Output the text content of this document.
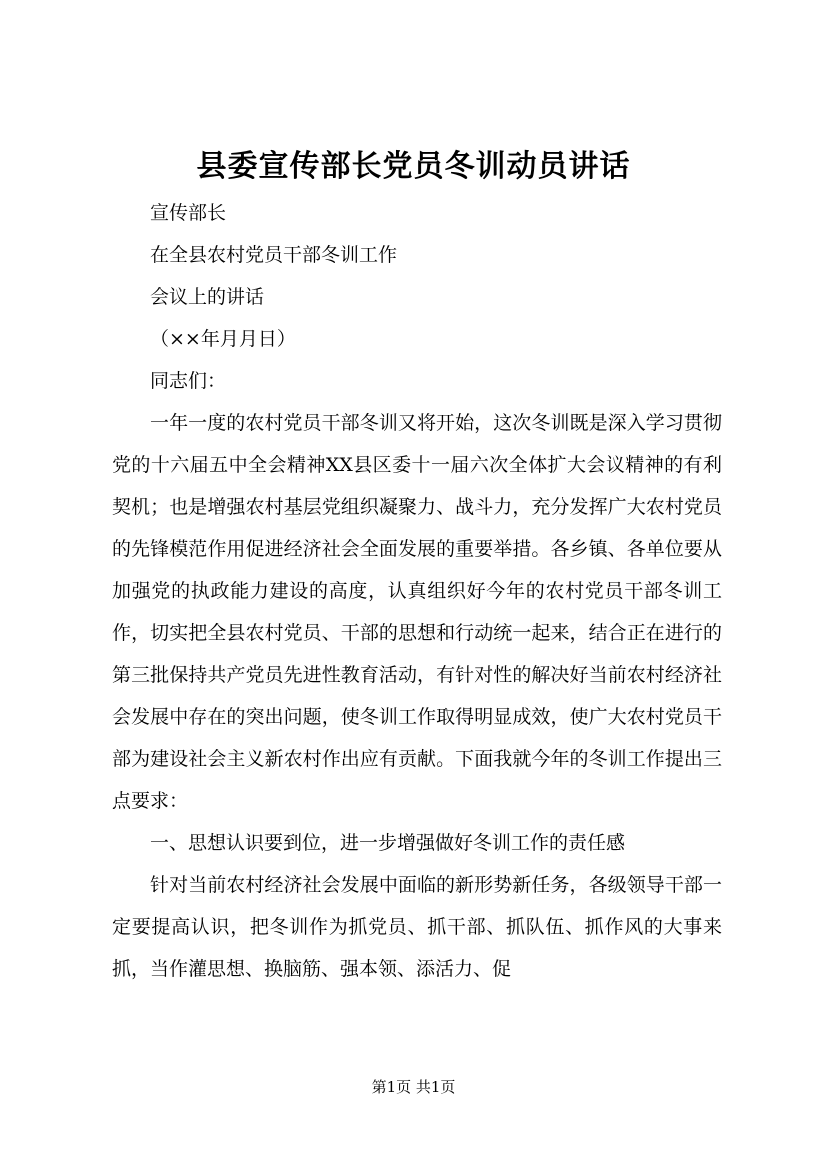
县委宣传部长党员冬训动员讲话

宣传部长

在全县农村党员干部冬训工作

会议上的讲话

（××年月月日）

同志们：

一年一度的农村党员干部冬训又将开始，这次冬训既是深入学习贯彻党的十六届五中全会精神XX县区委十一届六次全体扩大会议精神的有利契机；也是增强农村基层党组织凝聚力、战斗力，充分发挥广大农村党员的先锋模范作用促进经济社会全面发展的重要举措。各乡镇、各单位要从加强党的执政能力建设的高度，认真组织好今年的农村党员干部冬训工作，切实把全县农村党员、干部的思想和行动统一起来，结合正在进行的第三批保持共产党员先进性教育活动，有针对性的解决好当前农村经济社会发展中存在的突出问题，使冬训工作取得明显成效，使广大农村党员干部为建设社会主义新农村作出应有贡献。下面我就今年的冬训工作提出三点要求：

一、思想认识要到位，进一步增强做好冬训工作的责任感

针对当前农村经济社会发展中面临的新形势新任务，各级领导干部一定要提高认识，把冬训作为抓党员、抓干部、抓队伍、抓作风的大事来抓，当作灌思想、换脑筋、强本领、添活力、促

第1页 共1页
